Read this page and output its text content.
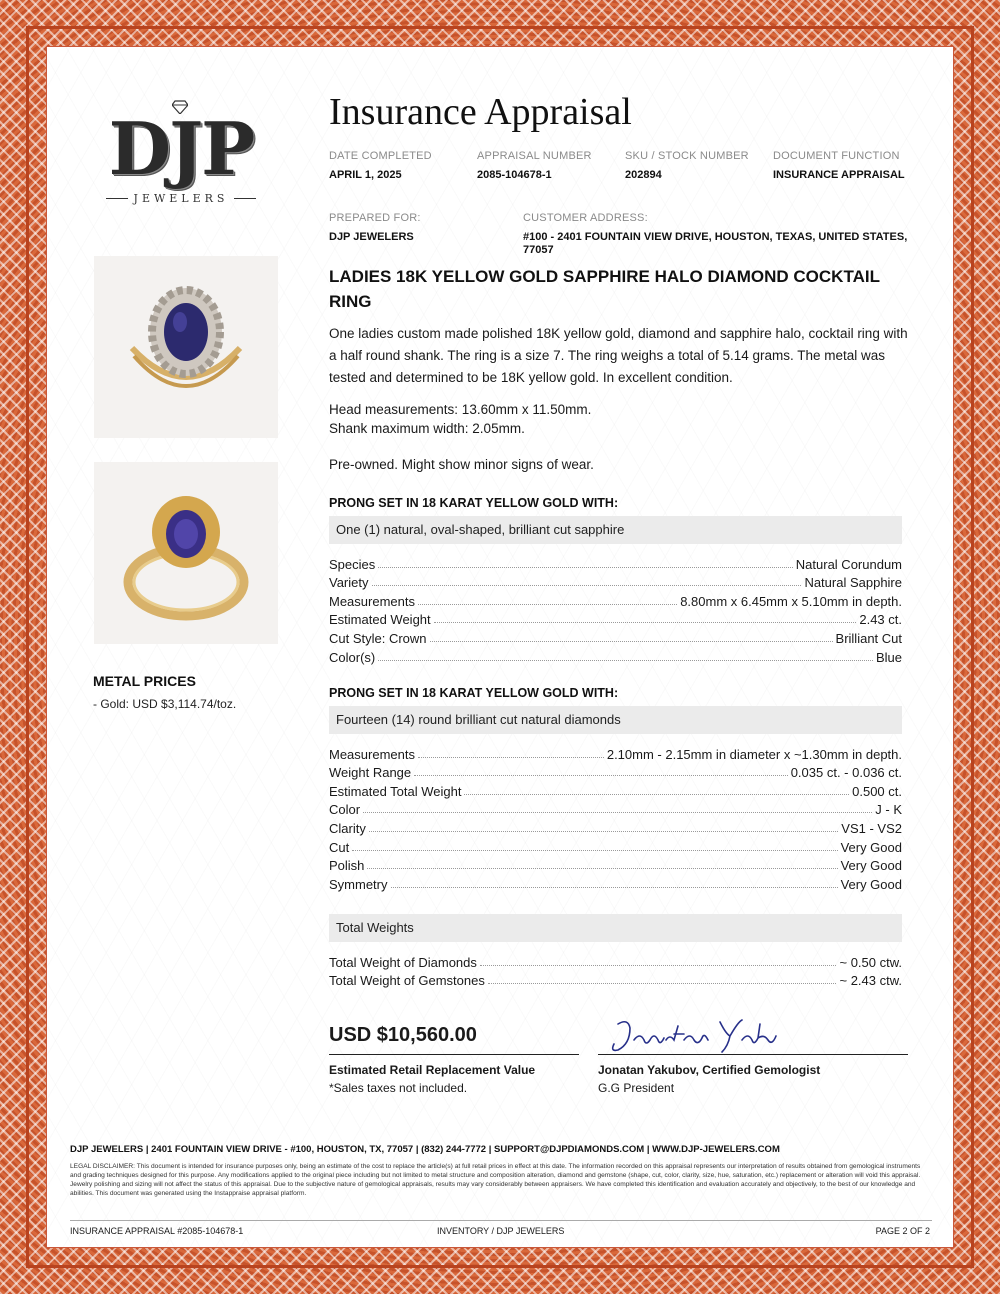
DJP
JEWELERS
Insurance Appraisal
DATE COMPLETED
APRIL 1, 2025
APPRAISAL NUMBER
2085-104678-1
SKU / STOCK NUMBER
202894
DOCUMENT FUNCTION
INSURANCE APPRAISAL
PREPARED FOR:
DJP JEWELERS
CUSTOMER ADDRESS:
#100 - 2401 FOUNTAIN VIEW DRIVE, HOUSTON, TEXAS, UNITED STATES, 77057
METAL PRICES
- Gold: USD $3,114.74/toz.
LADIES 18K YELLOW GOLD SAPPHIRE HALO DIAMOND COCKTAIL RING
One ladies custom made polished 18K yellow gold, diamond and sapphire halo, cocktail ring with a half round shank. The ring is a size 7. The ring weighs a total of 5.14 grams. The metal was tested and determined to be 18K yellow gold. In excellent condition.
Head measurements: 13.60mm x 11.50mm.
Shank maximum width: 2.05mm.
Pre-owned. Might show minor signs of wear.
PRONG SET IN 18 KARAT YELLOW GOLD WITH:
One (1) natural, oval-shaped, brilliant cut sapphire
Species	Natural Corundum
Variety	Natural Sapphire
Measurements	8.80mm x 6.45mm x 5.10mm in depth.
Estimated Weight	2.43 ct.
Cut Style: Crown	Brilliant Cut
Color(s)	Blue
PRONG SET IN 18 KARAT YELLOW GOLD WITH:
Fourteen (14) round brilliant cut natural diamonds
Measurements	2.10mm - 2.15mm in diameter x ~1.30mm in depth.
Weight Range	0.035 ct. - 0.036 ct.
Estimated Total Weight	0.500 ct.
Color	J - K
Clarity	VS1 - VS2
Cut	Very Good
Polish	Very Good
Symmetry	Very Good
Total Weights
Total Weight of Diamonds	~ 0.50 ctw.
Total Weight of Gemstones	~ 2.43 ctw.
USD $10,560.00
Estimated Retail Replacement Value
*Sales taxes not included.
Jonatan Yakubov, Certified Gemologist
G.G President
DJP JEWELERS | 2401 FOUNTAIN VIEW DRIVE - #100, HOUSTON, TX, 77057 | (832) 244-7772 | SUPPORT@DJPDIAMONDS.COM | WWW.DJP-JEWELERS.COM
LEGAL DISCLAIMER: This document is intended for insurance purposes only, being an estimate of the cost to replace the article(s) at full retail prices in effect at this date. The information recorded on this appraisal represents our interpretation of results obtained from gemological instruments and grading techniques designed for this purpose. Any modifications applied to the original piece including but not limited to metal structure and composition alteration, diamond and gemstone (shape, cut, color, clarity, size, hue, saturation, etc.) replacement or alteration will void this appraisal. Jewelry polishing and sizing will not affect the status of this appraisal. Due to the subjective nature of gemological appraisals, results may vary considerably between appraisers. We have completed this identification and evaluation accurately and objectively, to the best of our knowledge and abilities. This document was generated using the Instappraise appraisal platform.
INSURANCE APPRAISAL #2085-104678-1	INVENTORY / DJP JEWELERS	PAGE 2 OF 2
